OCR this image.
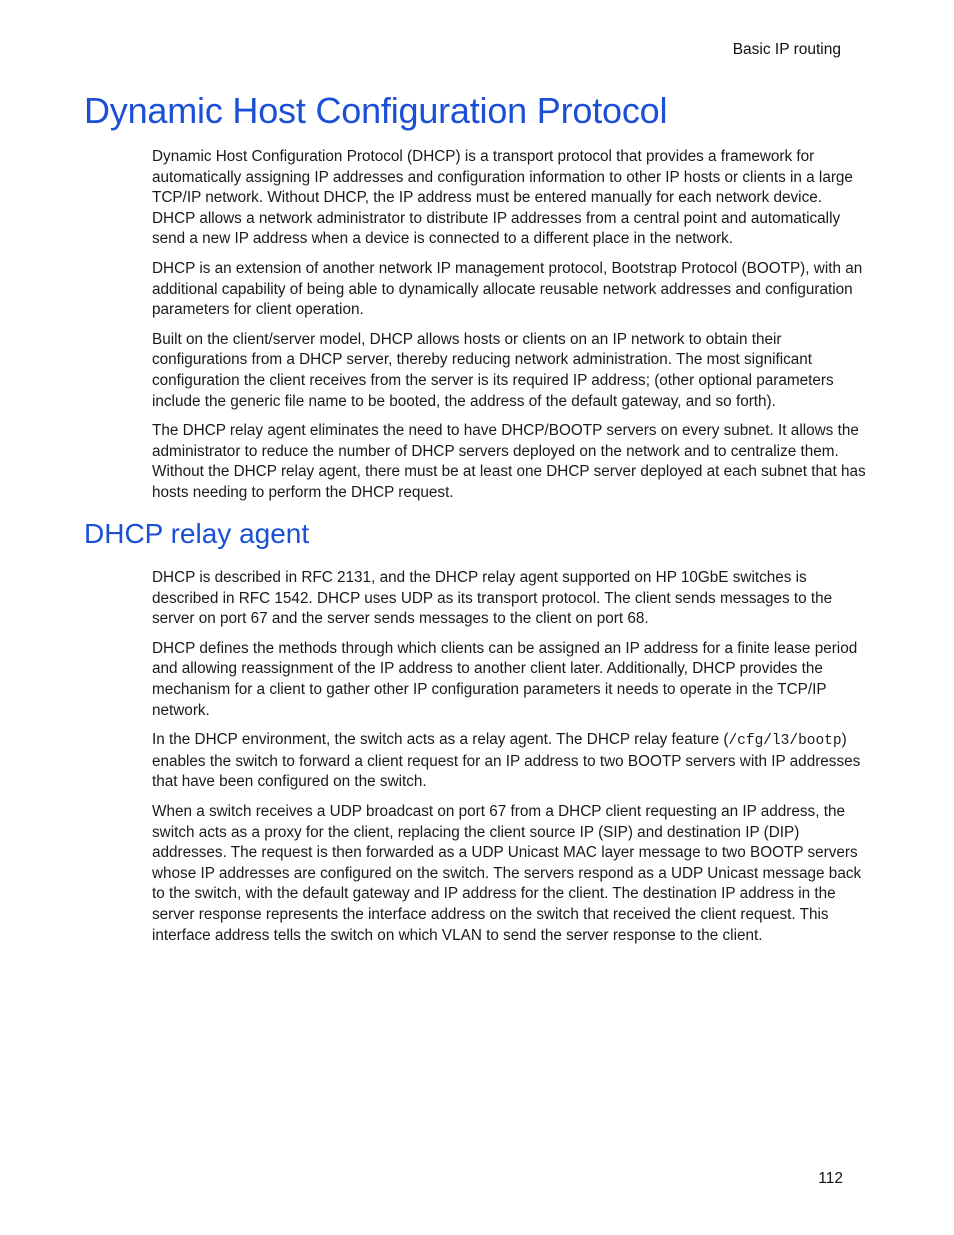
Basic IP routing
Dynamic Host Configuration Protocol

Dynamic Host Configuration Protocol (DHCP) is a transport protocol that provides a framework for automatically assigning IP addresses and configuration information to other IP hosts or clients in a large TCP/IP network. Without DHCP, the IP address must be entered manually for each network device. DHCP allows a network administrator to distribute IP addresses from a central point and automatically send a new IP address when a device is connected to a different place in the network.

DHCP is an extension of another network IP management protocol, Bootstrap Protocol (BOOTP), with an additional capability of being able to dynamically allocate reusable network addresses and configuration parameters for client operation.

Built on the client/server model, DHCP allows hosts or clients on an IP network to obtain their configurations from a DHCP server, thereby reducing network administration. The most significant configuration the client receives from the server is its required IP address; (other optional parameters include the generic file name to be booted, the address of the default gateway, and so forth).

The DHCP relay agent eliminates the need to have DHCP/BOOTP servers on every subnet. It allows the administrator to reduce the number of DHCP servers deployed on the network and to centralize them. Without the DHCP relay agent, there must be at least one DHCP server deployed at each subnet that has hosts needing to perform the DHCP request.

DHCP relay agent

DHCP is described in RFC 2131, and the DHCP relay agent supported on HP 10GbE switches is described in RFC 1542. DHCP uses UDP as its transport protocol. The client sends messages to the server on port 67 and the server sends messages to the client on port 68.

DHCP defines the methods through which clients can be assigned an IP address for a finite lease period and allowing reassignment of the IP address to another client later. Additionally, DHCP provides the mechanism for a client to gather other IP configuration parameters it needs to operate in the TCP/IP network.

In the DHCP environment, the switch acts as a relay agent. The DHCP relay feature (/cfg/l3/bootp) enables the switch to forward a client request for an IP address to two BOOTP servers with IP addresses that have been configured on the switch.

When a switch receives a UDP broadcast on port 67 from a DHCP client requesting an IP address, the switch acts as a proxy for the client, replacing the client source IP (SIP) and destination IP (DIP) addresses. The request is then forwarded as a UDP Unicast MAC layer message to two BOOTP servers whose IP addresses are configured on the switch. The servers respond as a UDP Unicast message back to the switch, with the default gateway and IP address for the client. The destination IP address in the server response represents the interface address on the switch that received the client request. This interface address tells the switch on which VLAN to send the server response to the client.

112
